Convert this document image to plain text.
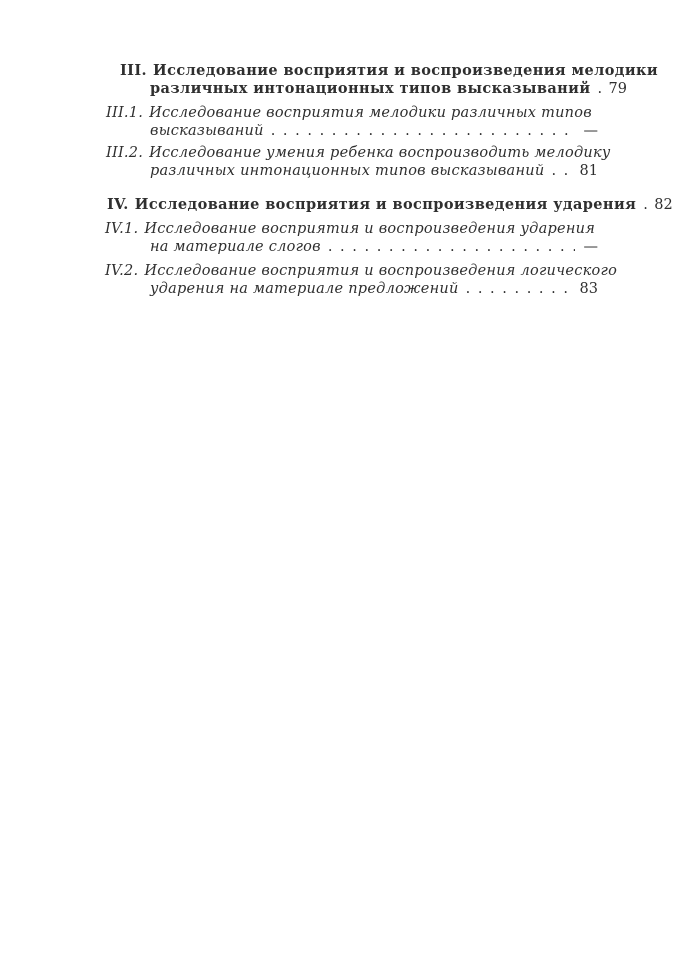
III. Исследование восприятия и воспроизведения мелодики
различных интонационных типов высказываний . . . 79
III.1. Исследование восприятия мелодики различных типов
высказываний . . .	—
III.2. Исследование умения ребенка воспроизводить мелодику
различных интонационных типов высказываний . . . 81
IV. Исследование восприятия и воспроизведения ударения . . . 82
IV.1. Исследование восприятия и воспроизведения ударения
на материале слогов . . .	—
IV.2. Исследование восприятия и воспроизведения логического
ударения на материале предложений . . .	83
